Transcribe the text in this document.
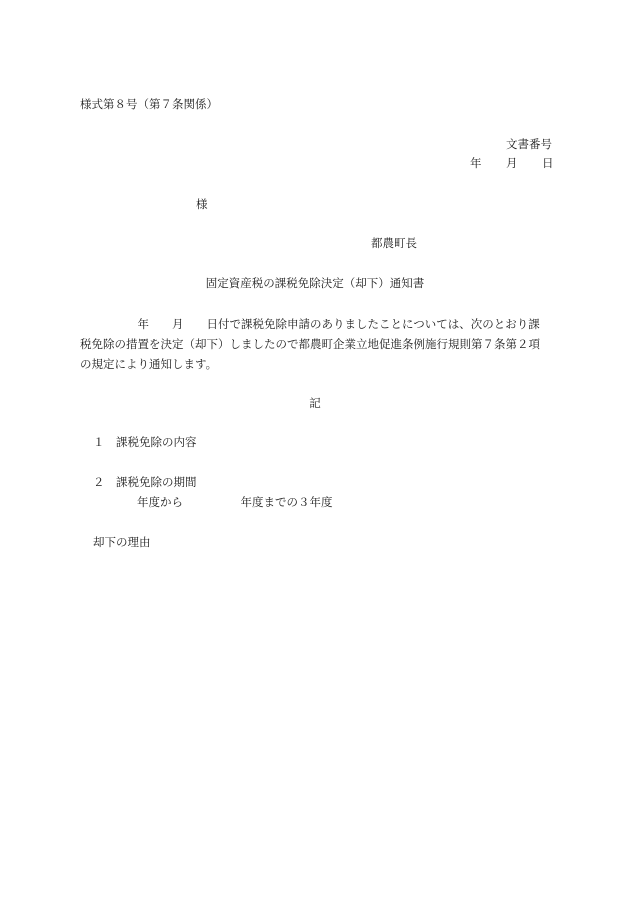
様式第８号（第７条関係）
文書番号
年 月 日
様
都農町長
固定資産税の課税免除決定（却下）通知書
　　　　　年　　月　　日付で課税免除申請のありましたことについては、次のとおり課
税免除の措置を決定（却下）しましたので都農町企業立地促進条例施行規則第７条第２項
の規定により通知します。
記
１　課税免除の内容
２　課税免除の期間
年度から　　　　　年度までの３年度
却下の理由
